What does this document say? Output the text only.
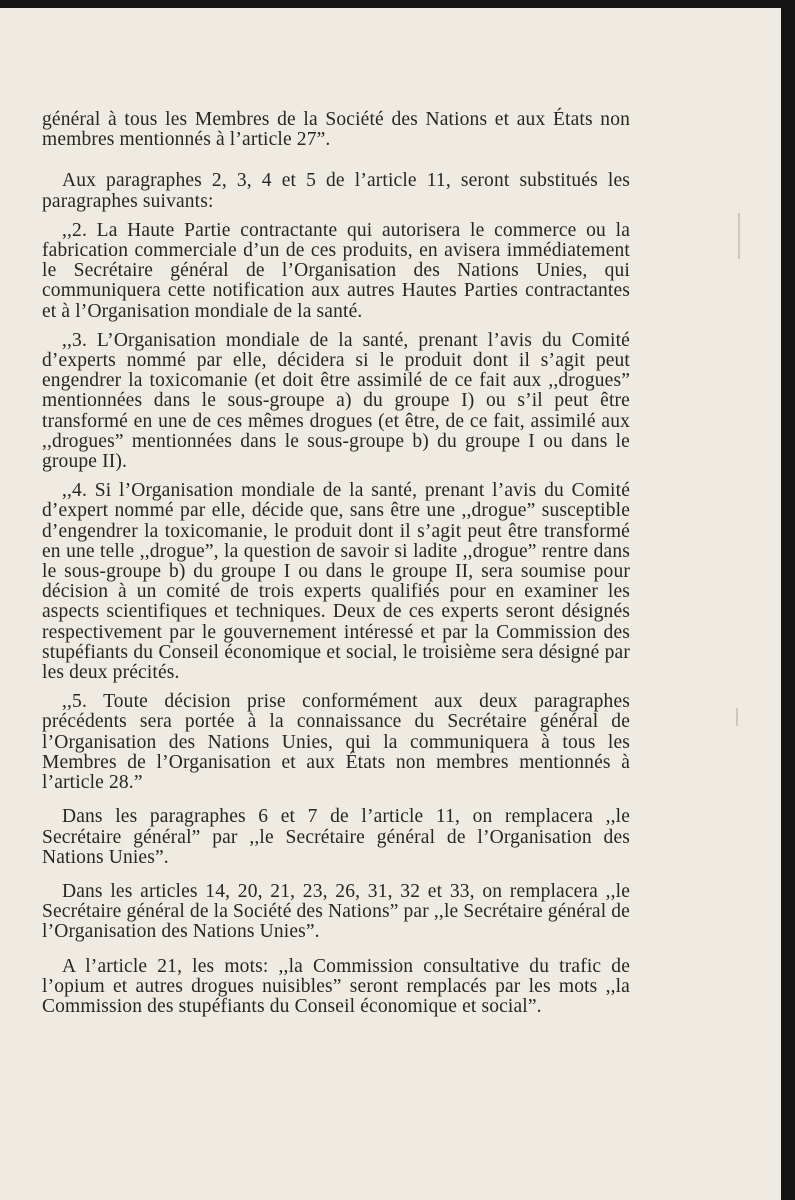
général à tous les Membres de la Société des Nations et aux États non membres mentionnés à l’article 27”.

Aux paragraphes 2, 3, 4 et 5 de l’article 11, seront substitués les paragraphes suivants:

,,2. La Haute Partie contractante qui autorisera le commerce ou la fabrication commerciale d’un de ces produits, en avisera immédiatement le Secrétaire général de l’Organisation des Nations Unies, qui communiquera cette notification aux autres Hautes Parties contractantes et à l’Organisation mondiale de la santé.

,,3. L’Organisation mondiale de la santé, prenant l’avis du Comité d’experts nommé par elle, décidera si le produit dont il s’agit peut engendrer la toxicomanie (et doit être assimilé de ce fait aux ,,drogues” mentionnées dans le sous-groupe a) du groupe I) ou s’il peut être transformé en une de ces mêmes drogues (et être, de ce fait, assimilé aux ,,drogues” mentionnées dans le sous-groupe b) du groupe I ou dans le groupe II).

,,4. Si l’Organisation mondiale de la santé, prenant l’avis du Comité d’expert nommé par elle, décide que, sans être une ,,drogue” susceptible d’engendrer la toxicomanie, le produit dont il s’agit peut être transformé en une telle ,,drogue”, la question de savoir si ladite ,,drogue” rentre dans le sous-groupe b) du groupe I ou dans le groupe II, sera soumise pour décision à un comité de trois experts qualifiés pour en examiner les aspects scientifiques et techniques. Deux de ces experts seront désignés respectivement par le gouvernement intéressé et par la Commission des stupéfiants du Conseil économique et social, le troisième sera désigné par les deux précités.

,,5. Toute décision prise conformément aux deux paragraphes précédents sera portée à la connaissance du Secrétaire général de l’Organisation des Nations Unies, qui la communiquera à tous les Membres de l’Organisation et aux États non membres mentionnés à l’article 28.”

Dans les paragraphes 6 et 7 de l’article 11, on remplacera ,,le Secrétaire général” par ,,le Secrétaire général de l’Organisation des Nations Unies”.

Dans les articles 14, 20, 21, 23, 26, 31, 32 et 33, on remplacera ,,le Secrétaire général de la Société des Nations” par ,,le Secrétaire général de l’Organisation des Nations Unies”.

A l’article 21, les mots: ,,la Commission consultative du trafic de l’opium et autres drogues nuisibles” seront remplacés par les mots ,,la Commission des stupéfiants du Conseil économique et social”.
